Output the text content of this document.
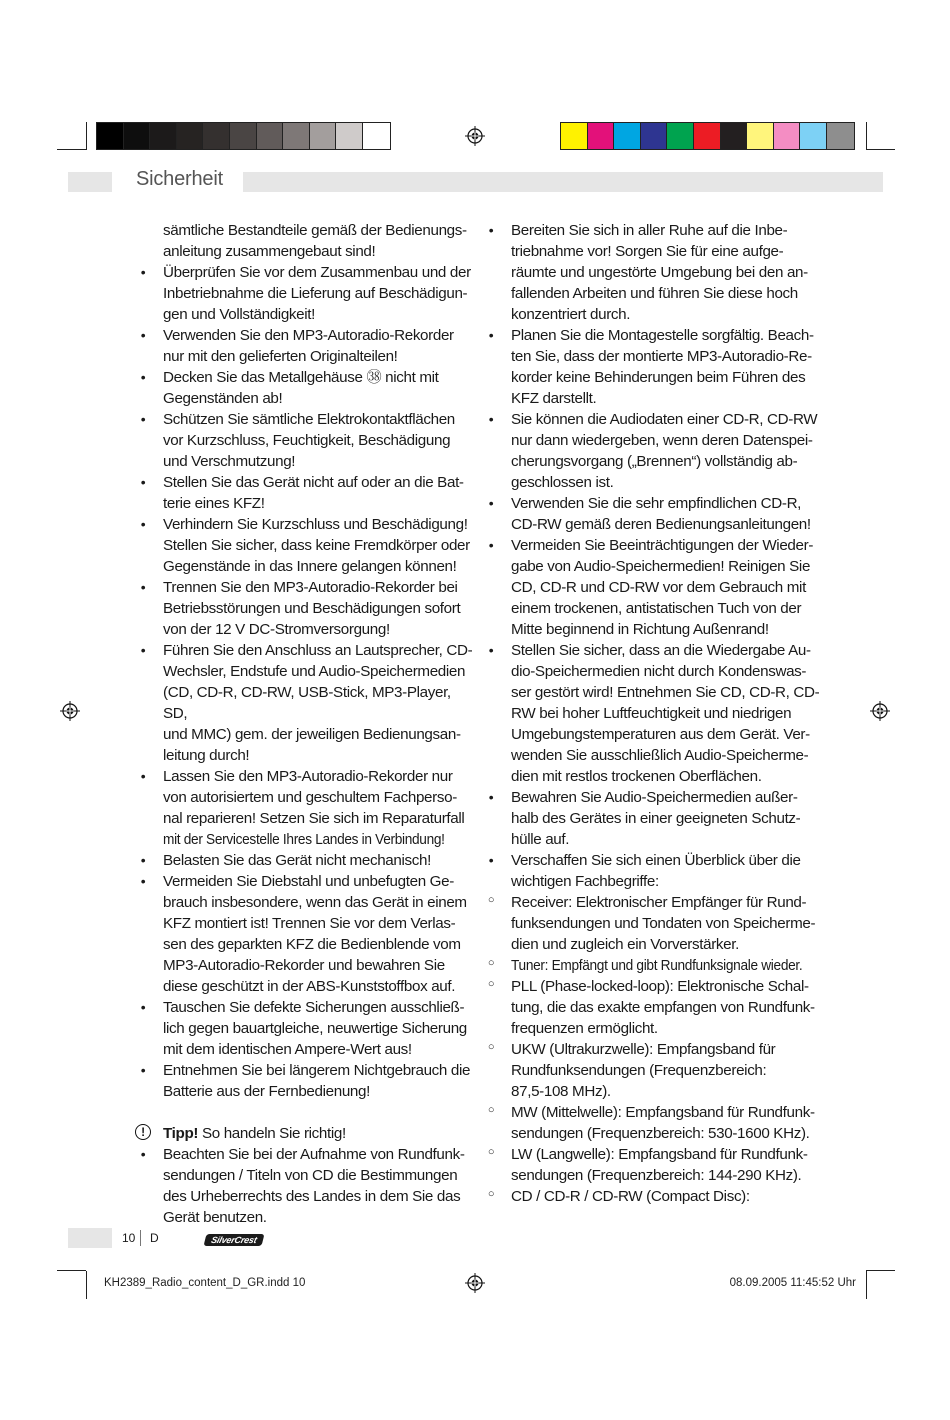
Sicherheit
sämtliche Bestandteile gemäß der Bedienungs-
anleitung zusammengebaut sind!
•	Überprüfen Sie vor dem Zusammenbau und der
Inbetriebnahme die Lieferung auf Beschädigun-
gen und Vollständigkeit!
•	Verwenden Sie den MP3-Autoradio-Rekorder
nur mit den gelieferten Originalteilen!
•	Decken Sie das Metallgehäuse ㊳ nicht mit
Gegenständen ab!
•	Schützen Sie sämtliche Elektrokontaktflächen
vor Kurzschluss, Feuchtigkeit, Beschädigung
und Verschmutzung!
•	Stellen Sie das Gerät nicht auf oder an die Bat-
terie eines KFZ!
•	Verhindern Sie Kurzschluss und Beschädigung!
Stellen Sie sicher, dass keine Fremdkörper oder
Gegenstände in das Innere gelangen können!
•	Trennen Sie den MP3-Autoradio-Rekorder bei
Betriebsstörungen und Beschädigungen sofort
von der 12 V DC-Stromversorgung!
•	Führen Sie den Anschluss an Lautsprecher, CD-
Wechsler, Endstufe und Audio-Speichermedien
(CD, CD-R, CD-RW, USB-Stick, MP3-Player, SD,
und MMC) gem. der jeweiligen Bedienungsan-
leitung durch!
•	Lassen Sie den MP3-Autoradio-Rekorder nur
von autorisiertem und geschultem Fachperso-
nal reparieren! Setzen Sie sich im Reparaturfall
mit der Servicestelle Ihres Landes in Verbindung!
•	Belasten Sie das Gerät nicht mechanisch!
•	Vermeiden Sie Diebstahl und unbefugten Ge-
brauch insbesondere, wenn das Gerät in einem
KFZ montiert ist! Trennen Sie vor dem Verlas-
sen des geparkten KFZ die Bedienblende vom
MP3-Autoradio-Rekorder und bewahren Sie
diese geschützt in der ABS-Kunststoffbox auf.
•	Tauschen Sie defekte Sicherungen ausschließ-
lich gegen bauartgleiche, neuwertige Sicherung
mit dem identischen Ampere-Wert aus!
•	Entnehmen Sie bei längerem Nichtgebrauch die
Batterie aus der Fernbedienung!
!	Tipp! So handeln Sie richtig!
•	Beachten Sie bei der Aufnahme von Rundfunk-
sendungen / Titeln von CD die Bestimmungen
des Urheberrechts des Landes in dem Sie das
Gerät benutzen.
•	Bereiten Sie sich in aller Ruhe auf die Inbe-
triebnahme vor! Sorgen Sie für eine aufge-
räumte und ungestörte Umgebung bei den an-
fallenden Arbeiten und führen Sie diese hoch
konzentriert durch.
•	Planen Sie die Montagestelle sorgfältig. Beach-
ten Sie, dass der montierte MP3-Autoradio-Re-
korder keine Behinderungen beim Führen des
KFZ darstellt.
•	Sie können die Audiodaten einer CD-R, CD-RW
nur dann wiedergeben, wenn deren Datenspei-
cherungsvorgang („Brennen“) vollständig ab-
geschlossen ist.
•	Verwenden Sie die sehr empfindlichen CD-R,
CD-RW gemäß deren Bedienungsanleitungen!
•	Vermeiden Sie Beeinträchtigungen der Wieder-
gabe von Audio-Speichermedien! Reinigen Sie
CD, CD-R und CD-RW vor dem Gebrauch mit
einem trockenen, antistatischen Tuch von der
Mitte beginnend in Richtung Außenrand!
•	Stellen Sie sicher, dass an die Wiedergabe Au-
dio-Speichermedien nicht durch Kondenswas-
ser gestört wird! Entnehmen Sie CD, CD-R, CD-
RW bei hoher Luftfeuchtigkeit und niedrigen
Umgebungstemperaturen aus dem Gerät. Ver-
wenden Sie ausschließlich Audio-Speicherme-
dien mit restlos trockenen Oberflächen.
•	Bewahren Sie Audio-Speichermedien außer-
halb des Gerätes in einer geeigneten Schutz-
hülle auf.
•	Verschaffen Sie sich einen Überblick über die
wichtigen Fachbegriffe:
○ Receiver: Elektronischer Empfänger für Rund-
funksendungen und Tondaten von Speicherme-
dien und zugleich ein Vorverstärker.
○ Tuner: Empfängt und gibt Rundfunksignale wieder.
○ PLL (Phase-locked-loop): Elektronische Schal-
tung, die das exakte empfangen von Rundfunk-
frequenzen ermöglicht.
○ UKW (Ultrakurzwelle): Empfangsband für
Rundfunksendungen (Frequenzbereich:
87,5-108 MHz).
○ MW (Mittelwelle): Empfangsband für Rundfunk-
sendungen (Frequenzbereich: 530-1600 KHz).
○ LW (Langwelle): Empfangsband für Rundfunk-
sendungen (Frequenzbereich: 144-290 KHz).
○ CD / CD-R / CD-RW (Compact Disc):
10 D	SilverCrest
KH2389_Radio_content_D_GR.indd 10	08.09.2005 11:45:52 Uhr
